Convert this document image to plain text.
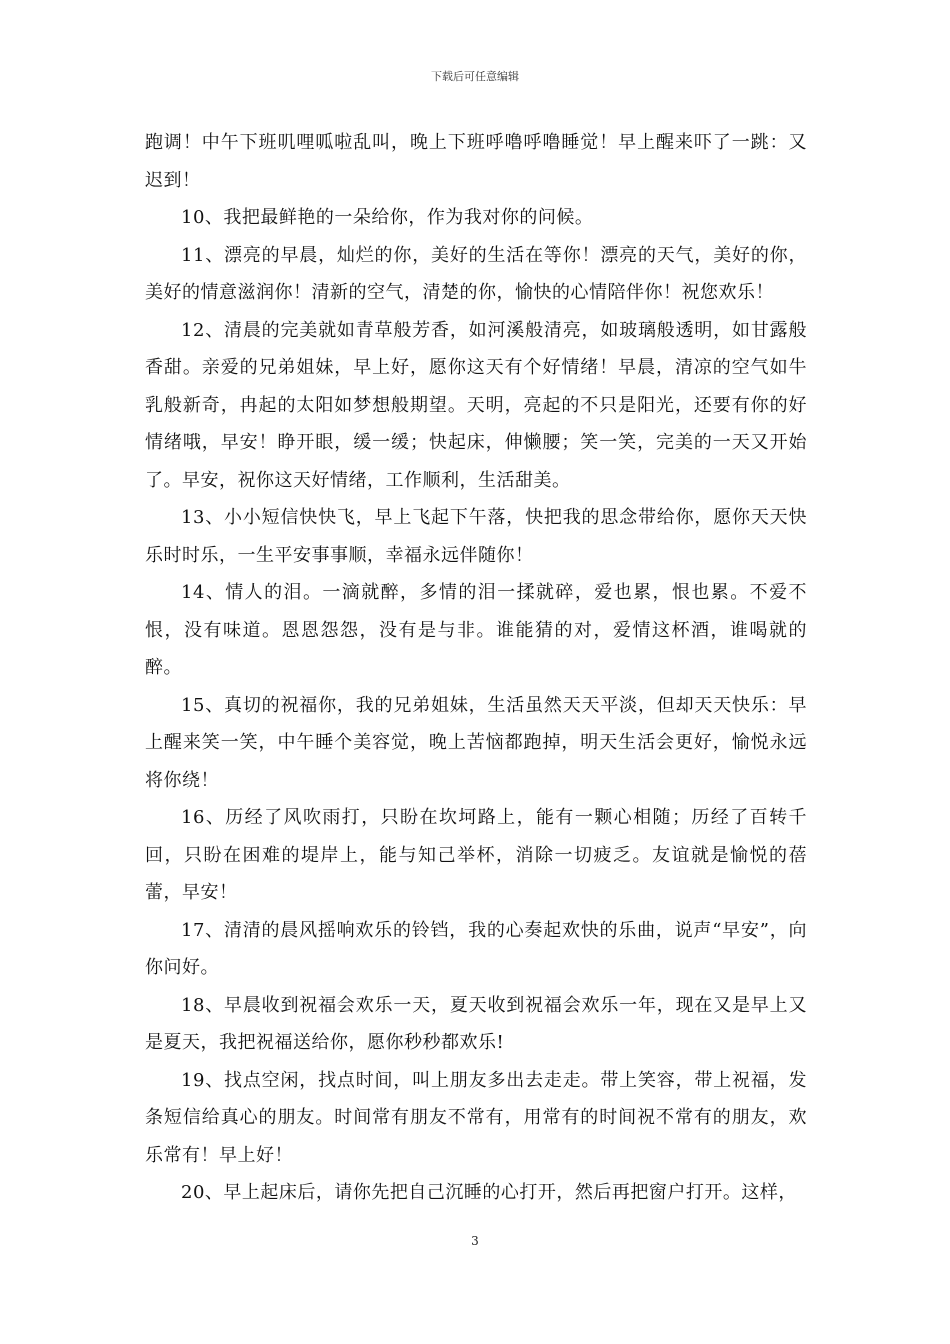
下载后可任意编辑

跑调！中午下班叽哩呱啦乱叫，晚上下班呼噜呼噜睡觉！早上醒来吓了一跳：又迟到！

10、我把最鲜艳的一朵给你，作为我对你的问候。

11、漂亮的早晨，灿烂的你，美好的生活在等你！漂亮的天气，美好的你，美好的情意滋润你！清新的空气，清楚的你，愉快的心情陪伴你！祝您欢乐！

12、清晨的完美就如青草般芳香，如河溪般清亮，如玻璃般透明，如甘露般香甜。亲爱的兄弟姐妹，早上好，愿你这天有个好情绪！早晨，清凉的空气如牛乳般新奇，冉起的太阳如梦想般期望。天明，亮起的不只是阳光，还要有你的好情绪哦，早安！睁开眼，缓一缓；快起床，伸懒腰；笑一笑，完美的一天又开始了。早安，祝你这天好情绪，工作顺利，生活甜美。

13、小小短信快快飞，早上飞起下午落，快把我的思念带给你，愿你天天快乐时时乐，一生平安事事顺，幸福永远伴随你！

14、情人的泪。一滴就醉，多情的泪一揉就碎，爱也累，恨也累。不爱不恨，没有味道。恩恩怨怨，没有是与非。谁能猜的对，爱情这杯酒，谁喝就的醉。

15、真切的祝福你，我的兄弟姐妹，生活虽然天天平淡，但却天天快乐：早上醒来笑一笑，中午睡个美容觉，晚上苦恼都跑掉，明天生活会更好，愉悦永远将你绕！

16、历经了风吹雨打，只盼在坎坷路上，能有一颗心相随；历经了百转千回，只盼在困难的堤岸上，能与知己举杯，消除一切疲乏。友谊就是愉悦的蓓蕾，早安！

17、清清的晨风摇响欢乐的铃铛，我的心奏起欢快的乐曲，说声“早安”，向你问好。

18、早晨收到祝福会欢乐一天，夏天收到祝福会欢乐一年，现在又是早上又是夏天，我把祝福送给你，愿你秒秒都欢乐!

19、找点空闲，找点时间，叫上朋友多出去走走。带上笑容，带上祝福，发条短信给真心的朋友。时间常有朋友不常有，用常有的时间祝不常有的朋友，欢乐常有！早上好！

20、早上起床后，请你先把自己沉睡的心打开，然后再把窗户打开。这样，

3
